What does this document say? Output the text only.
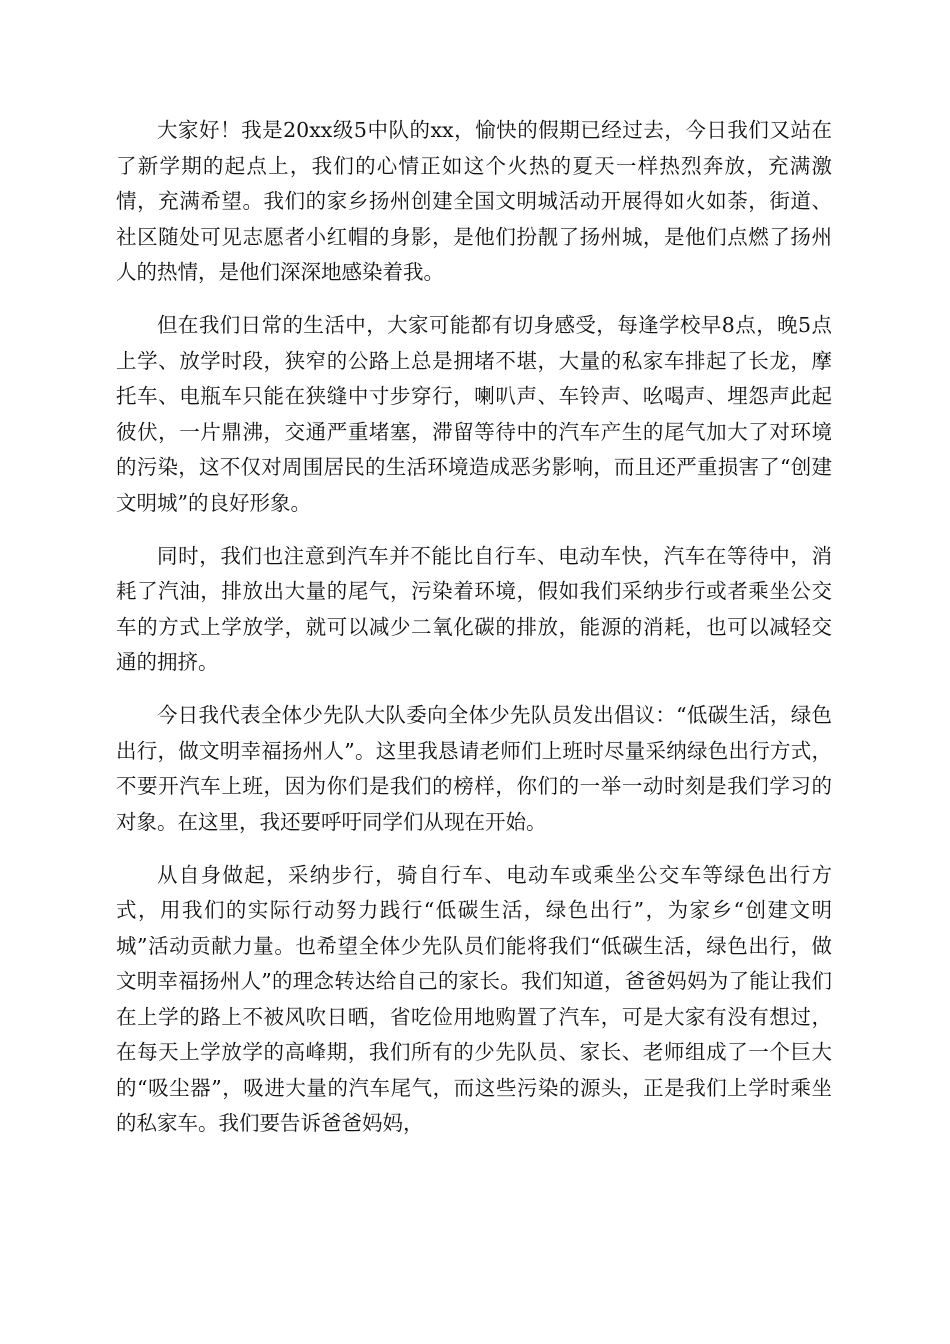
大家好！我是20xx级5中队的xx，愉快的假期已经过去，今日我们又站在了新学期的起点上，我们的心情正如这个火热的夏天一样热烈奔放，充满激情，充满希望。我们的家乡扬州创建全国文明城活动开展得如火如荼，街道、社区随处可见志愿者小红帽的身影，是他们扮靓了扬州城，是他们点燃了扬州人的热情，是他们深深地感染着我。

但在我们日常的生活中，大家可能都有切身感受，每逢学校早8点，晚5点上学、放学时段，狭窄的公路上总是拥堵不堪，大量的私家车排起了长龙，摩托车、电瓶车只能在狭缝中寸步穿行，喇叭声、车铃声、吆喝声、埋怨声此起彼伏，一片鼎沸，交通严重堵塞，滞留等待中的汽车产生的尾气加大了对环境的污染，这不仅对周围居民的生活环境造成恶劣影响，而且还严重损害了“创建文明城”的良好形象。

同时，我们也注意到汽车并不能比自行车、电动车快，汽车在等待中，消耗了汽油，排放出大量的尾气，污染着环境，假如我们采纳步行或者乘坐公交车的方式上学放学，就可以减少二氧化碳的排放，能源的消耗，也可以减轻交通的拥挤。

今日我代表全体少先队大队委向全体少先队员发出倡议：“低碳生活，绿色出行，做文明幸福扬州人”。这里我恳请老师们上班时尽量采纳绿色出行方式，不要开汽车上班，因为你们是我们的榜样，你们的一举一动时刻是我们学习的对象。在这里，我还要呼吁同学们从现在开始。

从自身做起，采纳步行，骑自行车、电动车或乘坐公交车等绿色出行方式，用我们的实际行动努力践行“低碳生活，绿色出行”，为家乡“创建文明城”活动贡献力量。也希望全体少先队员们能将我们“低碳生活，绿色出行，做文明幸福扬州人”的理念转达给自己的家长。我们知道，爸爸妈妈为了能让我们在上学的路上不被风吹日晒，省吃俭用地购置了汽车，可是大家有没有想过，在每天上学放学的高峰期，我们所有的少先队员、家长、老师组成了一个巨大的“吸尘器”，吸进大量的汽车尾气，而这些污染的源头，正是我们上学时乘坐的私家车。我们要告诉爸爸妈妈，
